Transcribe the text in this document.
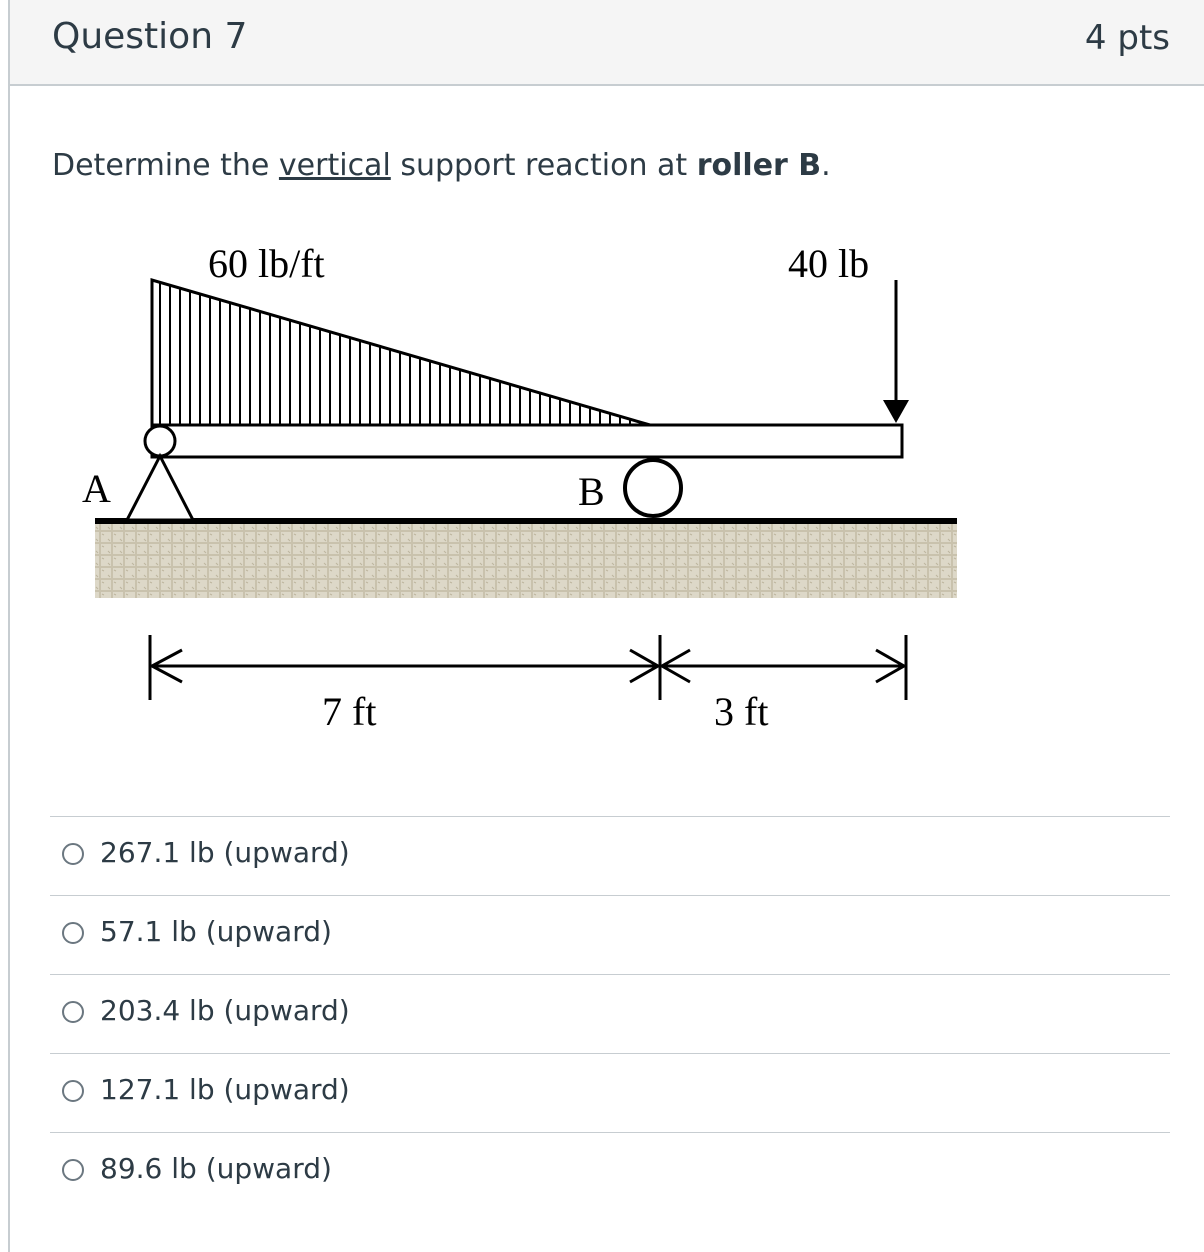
Question 7	4 pts
Determine the vertical support reaction at roller B.
A	B
40 lb
60 lb/ft
7 ft	3 ft
267.1 lb (upward)
57.1 lb (upward)
203.4 lb (upward)
127.1 lb (upward)
89.6 lb (upward)
